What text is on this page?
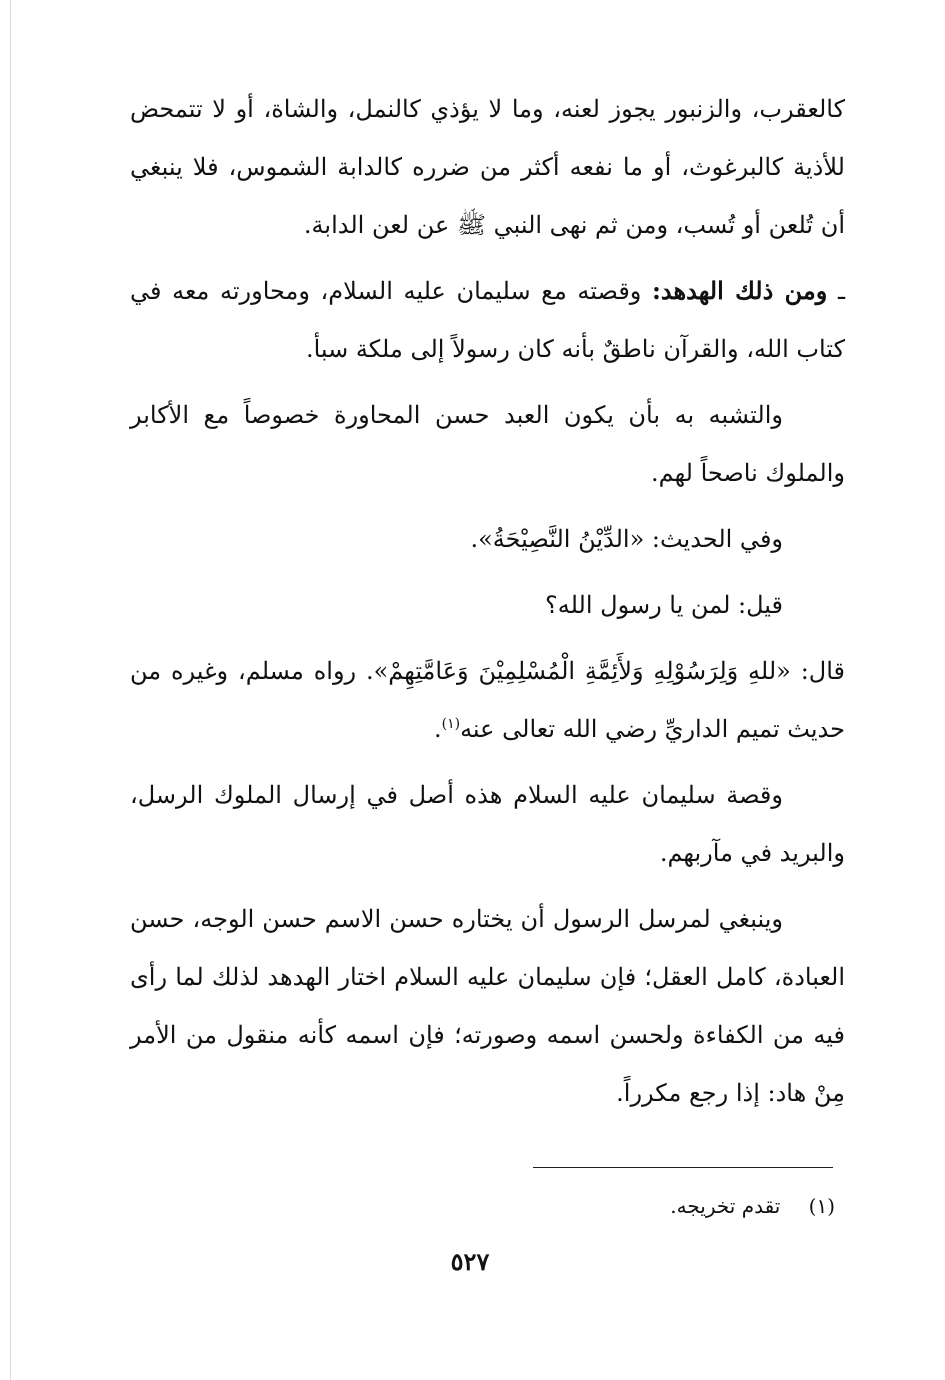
كالعقرب، والزنبور يجوز لعنه، وما لا يؤذي كالنمل، والشاة، أو لا تتمحض للأذية كالبرغوث، أو ما نفعه أكثر من ضرره كالدابة الشموس، فلا ينبغي أن تُلعن أو تُسب، ومن ثم نهى النبي ﷺ عن لعن الدابة.

ـ ومن ذلك الهدهد: وقصته مع سليمان عليه السلام، ومحاورته معه في كتاب الله، والقرآن ناطقٌ بأنه كان رسولاً إلى ملكة سبأ.

والتشبه به بأن يكون العبد حسن المحاورة خصوصاً مع الأكابر والملوك ناصحاً لهم.

وفي الحديث: «الدِّيْنُ النَّصِيْحَةُ».

قيل: لمن يا رسول الله؟

قال: «للهِ وَلِرَسُوْلِهِ وَلأَئِمَّةِ الْمُسْلِمِيْنَ وَعَامَّتِهِمْ». رواه مسلم، وغيره من حديث تميم الداريِّ رضي الله تعالى عنه$^{(١)}$.

وقصة سليمان عليه السلام هذه أصل في إرسال الملوك الرسل، والبريد في مآربهم.

وينبغي لمرسل الرسول أن يختاره حسن الاسم حسن الوجه، حسن العبادة، كامل العقل؛ فإن سليمان عليه السلام اختار الهدهد لذلك لما رأى فيه من الكفاءة ولحسن اسمه وصورته؛ فإن اسمه كأنه منقول من الأمر مِنْ هاد: إذا رجع مكرراً.

(١) تقدم تخريجه.
٥٢٧
